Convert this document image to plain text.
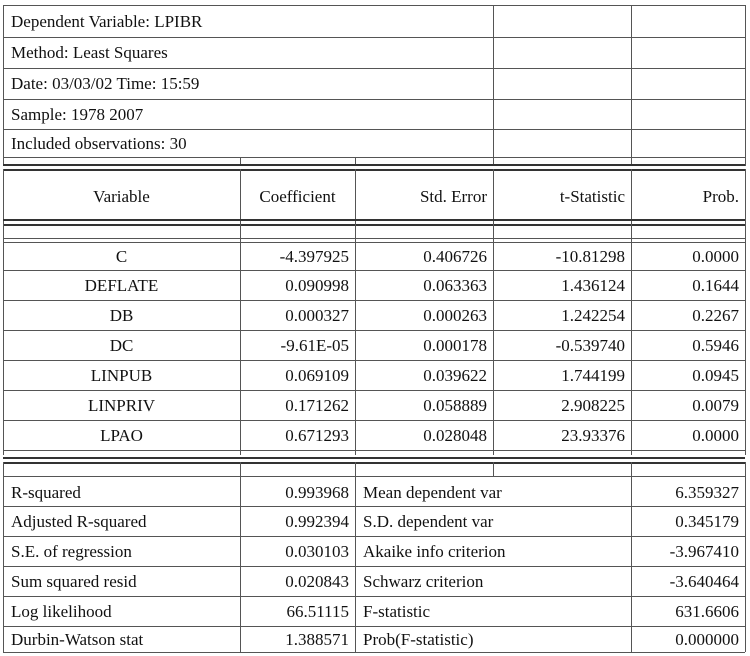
Dependent Variable: LPIBR
Method: Least Squares
Date: 03/03/02 Time: 15:59
Sample: 1978 2007
Included observations: 30
Variable	Coefficient	Std. Error	t-Statistic	Prob.
C	-4.397925	0.406726	-10.81298	0.0000
DEFLATE	0.090998	0.063363	1.436124	0.1644
DB	0.000327	0.000263	1.242254	0.2267
DC	-9.61E-05	0.000178	-0.539740	0.5946
LINPUB	0.069109	0.039622	1.744199	0.0945
LINPRIV	0.171262	0.058889	2.908225	0.0079
LPAO	0.671293	0.028048	23.93376	0.0000
R-squared	0.993968 Mean dependent var	6.359327
Adjusted R-squared	0.992394 S.D. dependent var	0.345179
S.E. of regression	0.030103 Akaike info criterion	-3.967410
Sum squared resid	0.020843 Schwarz criterion	-3.640464
Log likelihood	66.51115 F-statistic	631.6606
Durbin-Watson stat	1.388571 Prob(F-statistic)	0.000000
